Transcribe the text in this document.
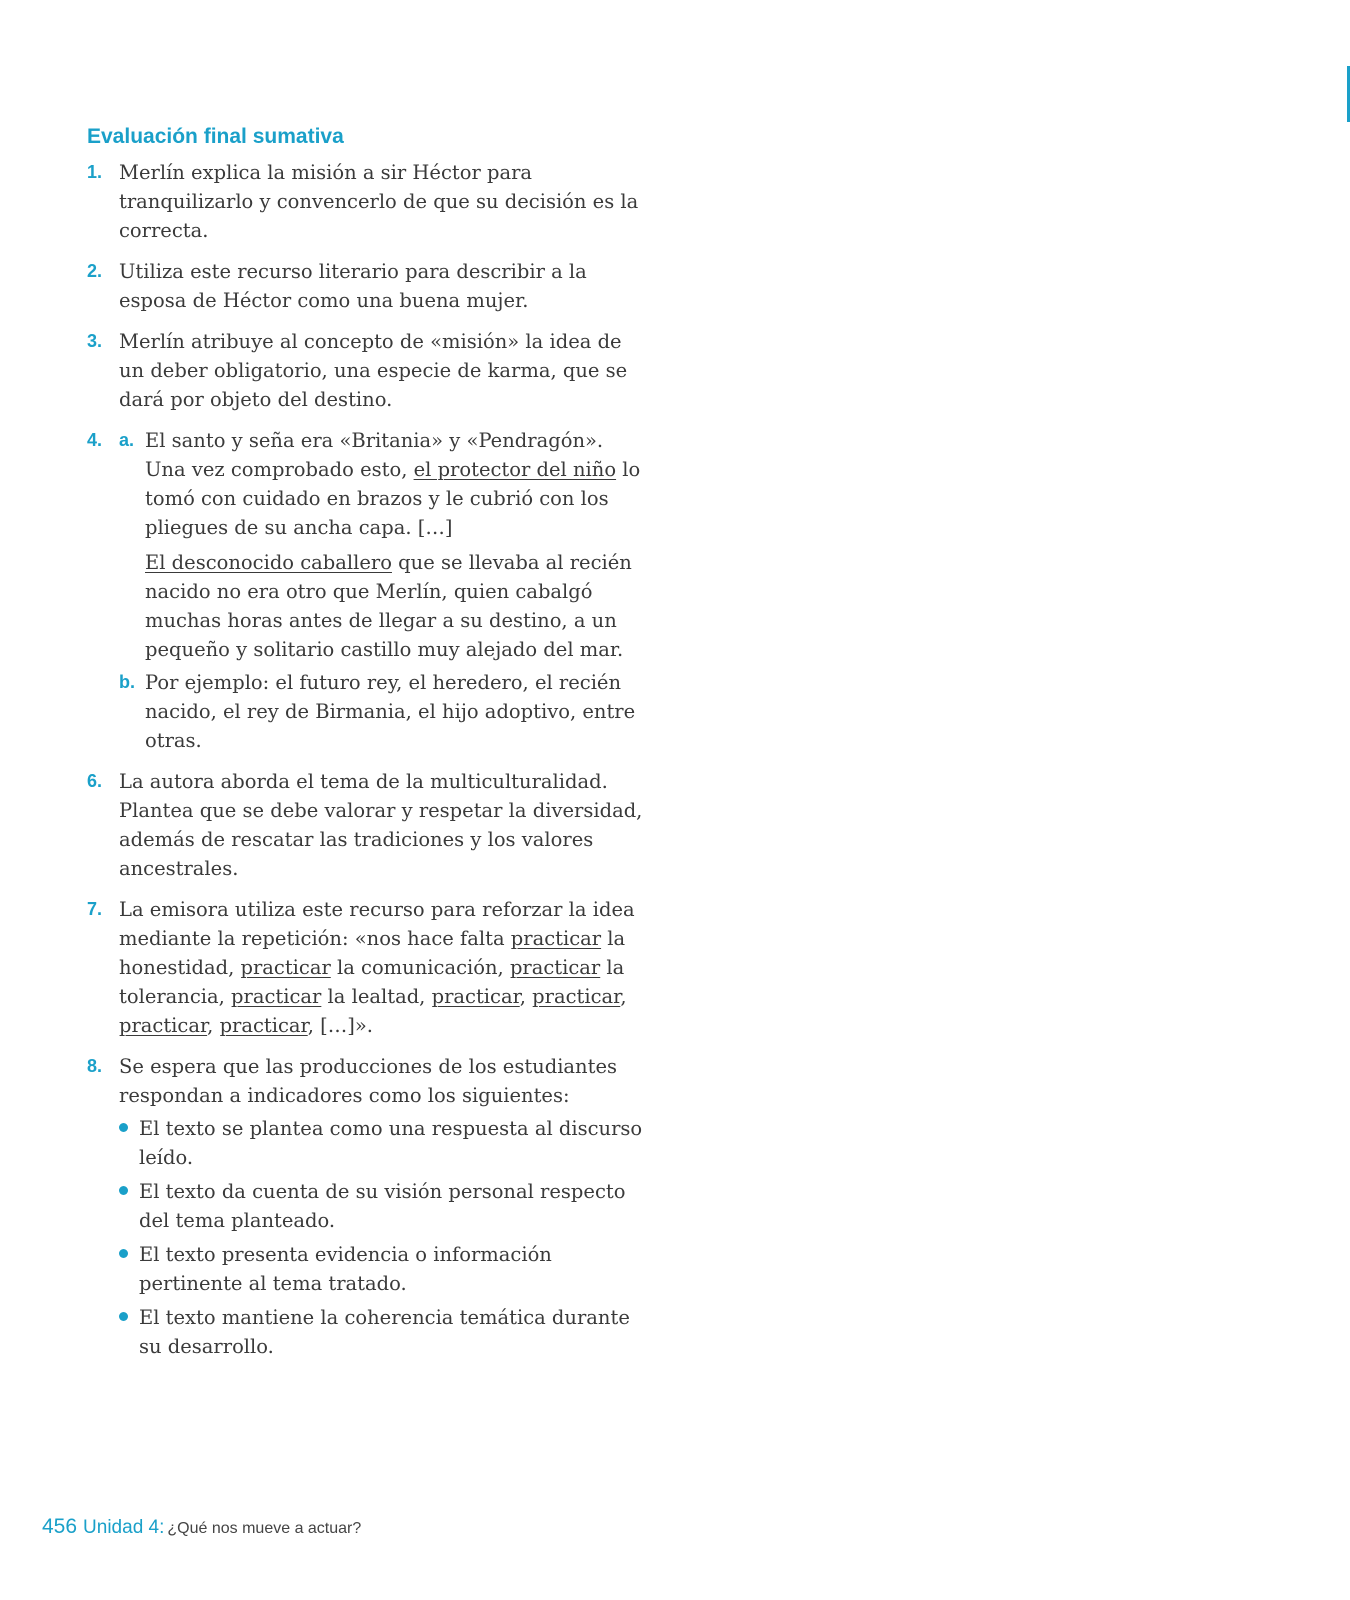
Evaluación final sumativa
1. Merlín explica la misión a sir Héctor para tranquilizarlo y convencerlo de que su decisión es la correcta.
2. Utiliza este recurso literario para describir a la esposa de Héctor como una buena mujer.
3. Merlín atribuye al concepto de «misión» la idea de un deber obligatorio, una especie de karma, que se dará por objeto del destino.
4. a. El santo y seña era «Britania» y «Pendragón». Una vez comprobado esto, el protector del niño lo tomó con cuidado en brazos y le cubrió con los pliegues de su ancha capa. […]

El desconocido caballero que se llevaba al recién nacido no era otro que Merlín, quien cabalgó muchas horas antes de llegar a su destino, a un pequeño y solitario castillo muy alejado del mar.

b. Por ejemplo: el futuro rey, el heredero, el recién nacido, el rey de Birmania, el hijo adoptivo, entre otras.

6. La autora aborda el tema de la multiculturalidad. Plantea que se debe valorar y respetar la diversidad, además de rescatar las tradiciones y los valores ancestrales.
7. La emisora utiliza este recurso para reforzar la idea mediante la repetición: «nos hace falta practicar la honestidad, practicar la comunicación, practicar la tolerancia, practicar la lealtad, practicar, practicar, practicar, practicar, […]».
8. Se espera que las producciones de los estudiantes respondan a indicadores como los siguientes:
El texto se plantea como una respuesta al discurso leído.
El texto da cuenta de su visión personal respecto del tema planteado.
El texto presenta evidencia o información pertinente al tema tratado.
El texto mantiene la coherencia temática durante su desarrollo.
456 Unidad 4: ¿Qué nos mueve a actuar?
